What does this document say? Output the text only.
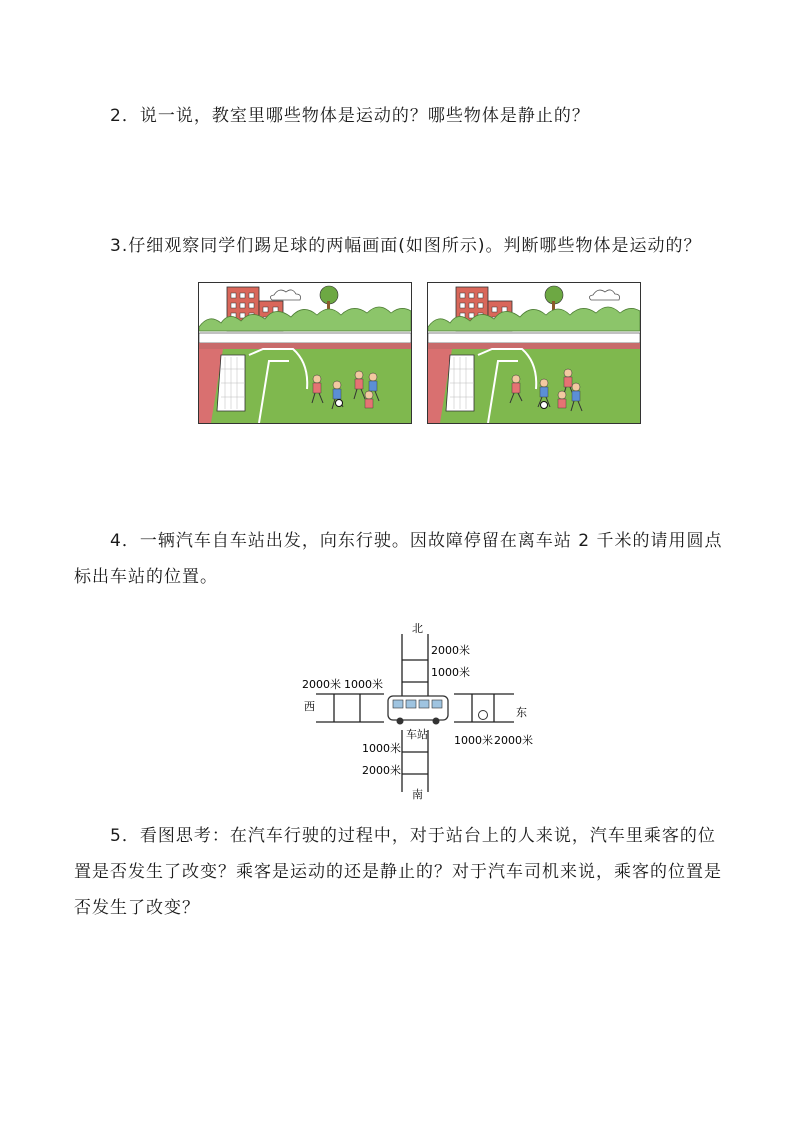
2．说一说，教室里哪些物体是运动的？哪些物体是静止的？
3.仔细观察同学们踢足球的两幅画面(如图所示)。判断哪些物体是运动的？
4．一辆汽车自车站出发，向东行驶。因故障停留在离车站 2 千米的请用圆点标出车站的位置。
北
南
东
西
车站
2000米
1000米
2000米 1000米
1000米
2000米
1000米 2000米
5．看图思考：在汽车行驶的过程中，对于站台上的人来说，汽车里乘客的位置是否发生了改变？乘客是运动的还是静止的？对于汽车司机来说，乘客的位置是否发生了改变？
